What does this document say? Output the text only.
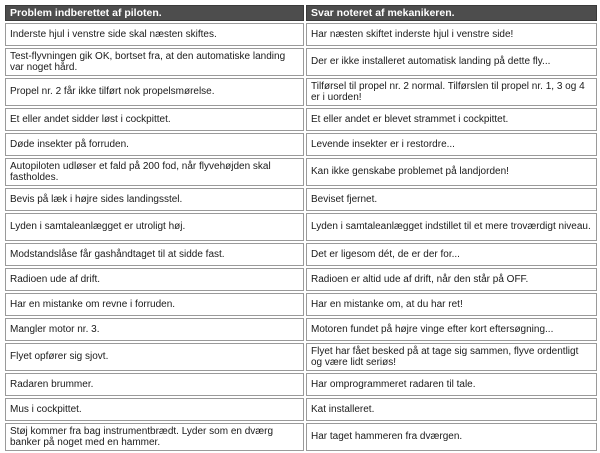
Problem indberettet af piloten.	Svar noteret af mekanikeren.
Inderste hjul i venstre side skal næsten skiftes.	Har næsten skiftet inderste hjul i venstre side!
Test-flyvningen gik OK, bortset fra, at den automatiske landing var noget hård.	Der er ikke installeret automatisk landing på dette fly...
Propel nr. 2 får ikke tilført nok propelsmørelse.	Tilførsel til propel nr. 2 normal. Tilførslen til propel nr. 1, 3 og 4 er i uorden!
Et eller andet sidder løst i cockpittet.	Et eller andet er blevet strammet i cockpittet.
Døde insekter på forruden.	Levende insekter er i restordre...
Autopiloten udløser et fald på 200 fod, når flyvehøjden skal fastholdes.	Kan ikke genskabe problemet på landjorden!
Bevis på læk i højre sides landingsstel.	Beviset fjernet.
Lyden i samtaleanlægget er utroligt høj.	Lyden i samtaleanlægget indstillet til et mere troværdigt niveau.
Modstandslåse får gashåndtaget til at sidde fast.	Det er ligesom dét, de er der for...
Radioen ude af drift.	Radioen er altid ude af drift, når den står på OFF.
Har en mistanke om revne i forruden.	Har en mistanke om, at du har ret!
Mangler motor nr. 3.	Motoren fundet på højre vinge efter kort eftersøgning...
Flyet opfører sig sjovt.	Flyet har fået besked på at tage sig sammen, flyve ordentligt og være lidt seriøs!
Radaren brummer.	Har omprogrammeret radaren til tale.
Mus i cockpittet.	Kat installeret.
Støj kommer fra bag instrumentbrædt. Lyder som en dværg banker på noget med en hammer.	Har taget hammeren fra dværgen.
